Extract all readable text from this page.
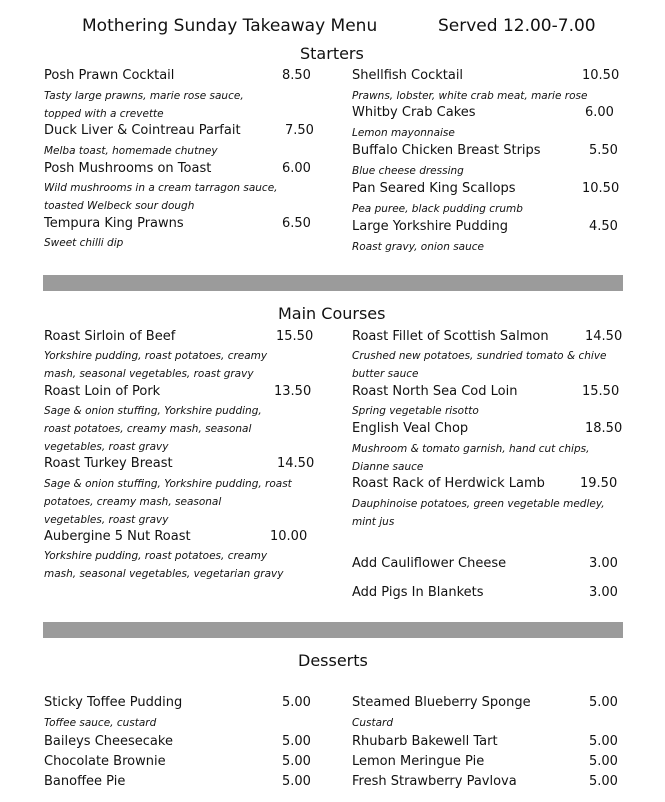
Mothering Sunday Takeaway Menu	Served 12.00-7.00
Starters
Posh Prawn Cocktail	8.50
Tasty large prawns, marie rose sauce,
topped with a crevette
Duck Liver & Cointreau Parfait	7.50
Melba toast, homemade chutney
Posh Mushrooms on Toast	6.00
Wild mushrooms in a cream tarragon sauce,
toasted Welbeck sour dough
Tempura King Prawns	6.50
Sweet chilli dip
Shellfish Cocktail	10.50
Prawns, lobster, white crab meat, marie rose
Whitby Crab Cakes	6.00
Lemon mayonnaise
Buffalo Chicken Breast Strips	5.50
Blue cheese dressing
Pan Seared King Scallops	10.50
Pea puree, black pudding crumb
Large Yorkshire Pudding	4.50
Roast gravy, onion sauce
Main Courses
Roast Sirloin of Beef	15.50
Yorkshire pudding, roast potatoes, creamy
mash, seasonal vegetables, roast gravy
Roast Loin of Pork	13.50
Sage & onion stuffing, Yorkshire pudding,
roast potatoes, creamy mash, seasonal
vegetables, roast gravy
Roast Turkey Breast	14.50
Sage & onion stuffing, Yorkshire pudding, roast
potatoes, creamy mash, seasonal
vegetables, roast gravy
Aubergine 5 Nut Roast	10.00
Yorkshire pudding, roast potatoes, creamy
mash, seasonal vegetables, vegetarian gravy
Roast Fillet of Scottish Salmon	14.50
Crushed new potatoes, sundried tomato & chive
butter sauce
Roast North Sea Cod Loin	15.50
Spring vegetable risotto
English Veal Chop	18.50
Mushroom & tomato garnish, hand cut chips,
Dianne sauce
Roast Rack of Herdwick Lamb	19.50
Dauphinoise potatoes, green vegetable medley,
mint jus
Add Cauliflower Cheese	3.00
Add Pigs In Blankets	3.00
Desserts
Sticky Toffee Pudding	5.00
Toffee sauce, custard
Baileys Cheesecake	5.00
Chocolate Brownie	5.00
Banoffee Pie	5.00
Steamed Blueberry Sponge	5.00
Custard
Rhubarb Bakewell Tart	5.00
Lemon Meringue Pie	5.00
Fresh Strawberry Pavlova	5.00
